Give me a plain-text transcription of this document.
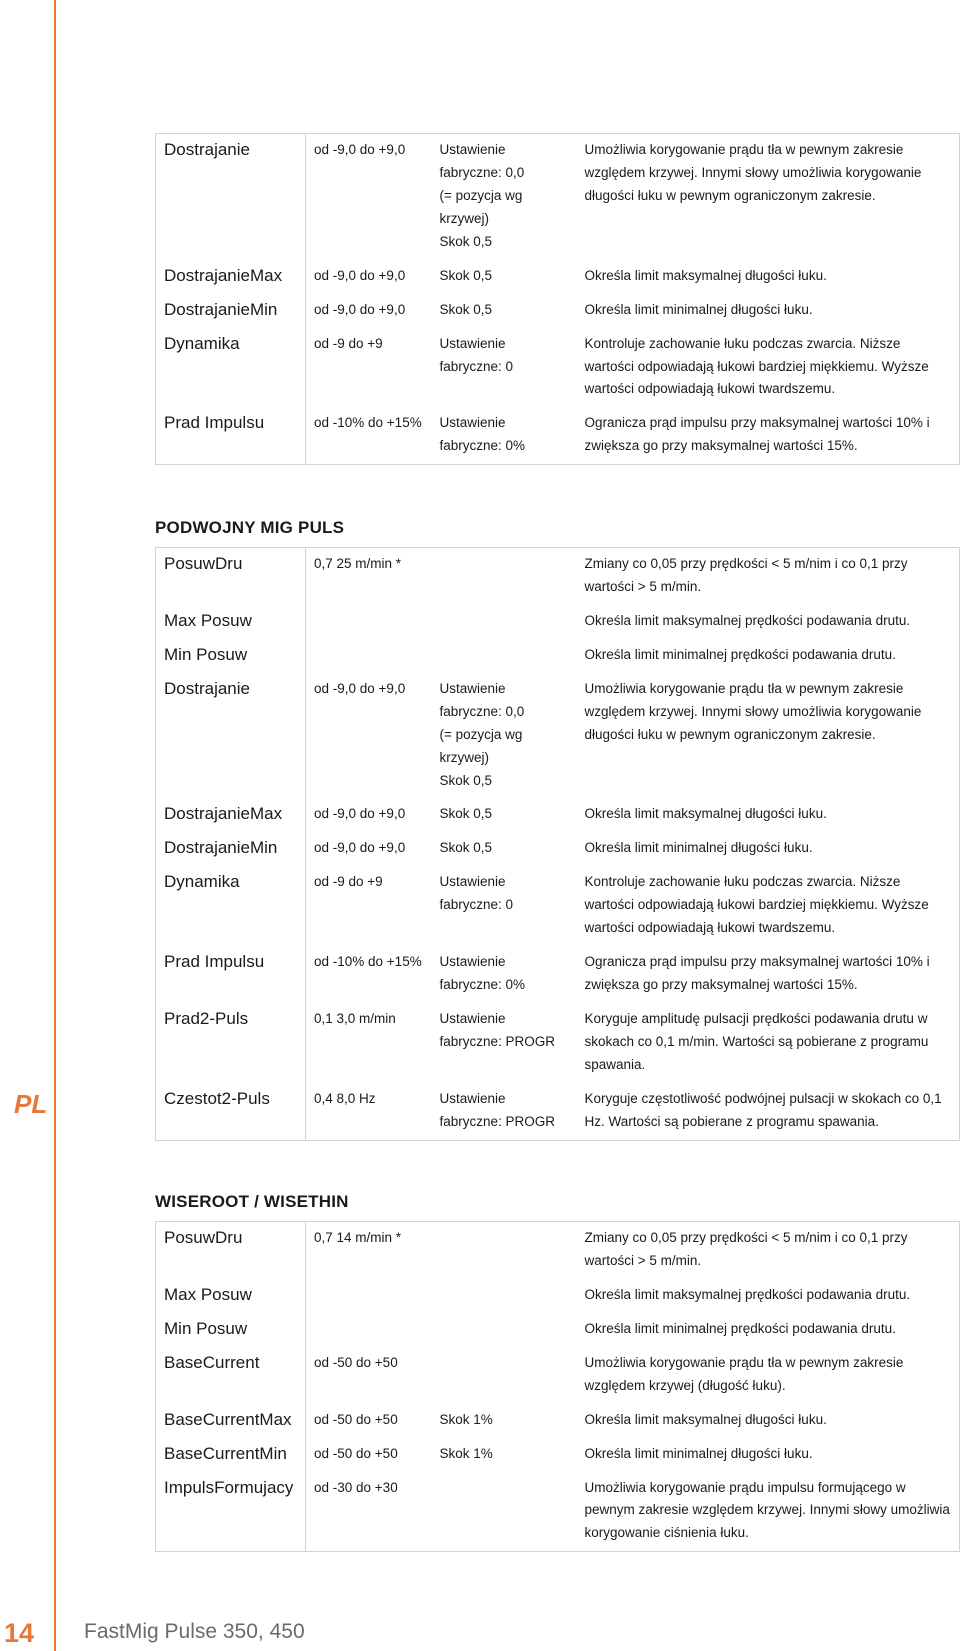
PL
Dostrajanie	od -9,0 do +9,0	Ustawienie
fabryczne: 0,0
(= pozycja wg
krzywej)
Skok 0,5	Umożliwia korygowanie prądu tła w pewnym zakresie względem krzywej. Innymi słowy umożliwia korygowanie długości łuku w pewnym ograniczonym zakresie.
DostrajanieMax	od -9,0 do +9,0	Skok 0,5	Określa limit maksymalnej długości łuku.
DostrajanieMin	od -9,0 do +9,0	Skok 0,5	Określa limit minimalnej długości łuku.
Dynamika	od -9 do +9	Ustawienie
fabryczne: 0	Kontroluje zachowanie łuku podczas zwarcia. Niższe wartości odpowiadają łukowi bardziej miękkiemu. Wyższe wartości odpowiadają łukowi twardszemu.
Prad Impulsu	od -10% do +15%	Ustawienie
fabryczne: 0%	Ogranicza prąd impulsu przy maksymalnej wartości 10% i zwiększa go przy maksymalnej wartości 15%.
PODWOJNY MIG PULS
PosuwDru	0,7 25 m/min *		Zmiany co 0,05 przy prędkości < 5 m/nim i co 0,1 przy wartości > 5 m/min.
Max Posuw			Określa limit maksymalnej prędkości podawania drutu.
Min Posuw			Określa limit minimalnej prędkości podawania drutu.
Dostrajanie	od -9,0 do +9,0	Ustawienie
fabryczne: 0,0
(= pozycja wg
krzywej)
Skok 0,5	Umożliwia korygowanie prądu tła w pewnym zakresie względem krzywej. Innymi słowy umożliwia korygowanie długości łuku w pewnym ograniczonym zakresie.
DostrajanieMax	od -9,0 do +9,0	Skok 0,5	Określa limit maksymalnej długości łuku.
DostrajanieMin	od -9,0 do +9,0	Skok 0,5	Określa limit minimalnej długości łuku.
Dynamika	od -9 do +9	Ustawienie
fabryczne: 0	Kontroluje zachowanie łuku podczas zwarcia. Niższe wartości odpowiadają łukowi bardziej miękkiemu. Wyższe wartości odpowiadają łukowi twardszemu.
Prad Impulsu	od -10% do +15%	Ustawienie
fabryczne: 0%	Ogranicza prąd impulsu przy maksymalnej wartości 10% i zwiększa go przy maksymalnej wartości 15%.
Prad2-Puls	0,1 3,0 m/min	Ustawienie
fabryczne: PROGR	Koryguje amplitudę pulsacji prędkości podawania drutu w skokach co 0,1 m/min. Wartości są pobierane z programu spawania.
Czestot2-Puls	0,4 8,0 Hz	Ustawienie
fabryczne: PROGR	Koryguje częstotliwość podwójnej pulsacji w skokach co 0,1 Hz. Wartości są pobierane z programu spawania.
WISEROOT / WISETHIN
PosuwDru	0,7 14 m/min *		Zmiany co 0,05 przy prędkości < 5 m/nim i co 0,1 przy wartości > 5 m/min.
Max Posuw			Określa limit maksymalnej prędkości podawania drutu.
Min Posuw			Określa limit minimalnej prędkości podawania drutu.
BaseCurrent	od -50 do +50		Umożliwia korygowanie prądu tła w pewnym zakresie względem krzywej (długość łuku).
BaseCurrentMax	od -50 do +50	Skok 1%	Określa limit maksymalnej długości łuku.
BaseCurrentMin	od -50 do +50	Skok 1%	Określa limit minimalnej długości łuku.
ImpulsFormujacy	od -30 do +30		Umożliwia korygowanie prądu impulsu formującego w pewnym zakresie względem krzywej. Innymi słowy umożliwia korygowanie ciśnienia łuku.
14 FastMig Pulse 350, 450
